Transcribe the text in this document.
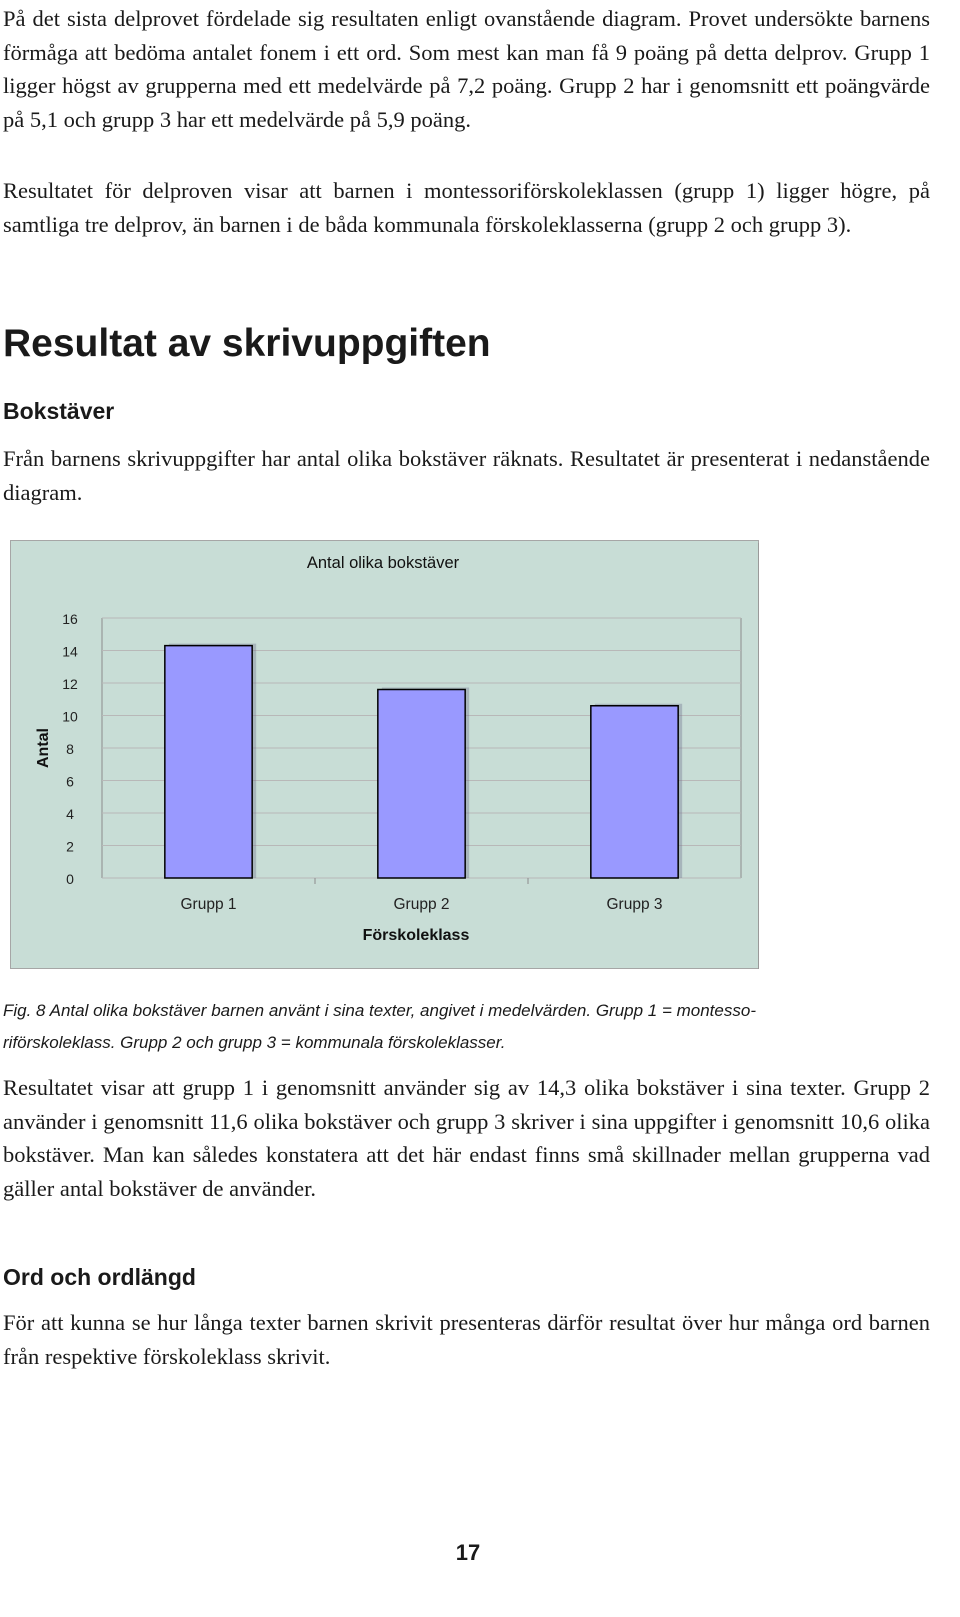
På det sista delprovet fördelade sig resultaten enligt ovanstående diagram. Provet undersökte barnens förmåga att bedöma antalet fonem i ett ord. Som mest kan man få 9 poäng på detta delprov. Grupp 1 ligger högst av grupperna med ett medelvärde på 7,2 poäng. Grupp 2 har i genomsnitt ett poängvärde på 5,1 och grupp 3 har ett medelvärde på 5,9 poäng.

Resultatet för delproven visar att barnen i montessoriförskoleklassen (grupp 1) ligger högre, på samtliga tre delprov, än barnen i de båda kommunala förskoleklasserna (grupp 2 och grupp 3).

Resultat av skrivuppgiften
Bokstäver

Från barnens skrivuppgifter har antal olika bokstäver räknats. Resultatet är presenterat i nedanstående diagram.

Antal olika bokstäver
Antal
Förskoleklass
0
2
4
6
8
10
12
14
16
Grupp 1	Grupp 2	Grupp 3

Fig. 8 Antal olika bokstäver barnen använt i sina texter, angivet i medelvärden. Grupp 1 = montesso-

riförskoleklass. Grupp 2 och grupp 3 = kommunala förskoleklasser.

Resultatet visar att grupp 1 i genomsnitt använder sig av 14,3 olika bokstäver i sina texter. Grupp 2 använder i genomsnitt 11,6 olika bokstäver och grupp 3 skriver i sina uppgifter i genomsnitt 10,6 olika bokstäver. Man kan således konstatera att det här endast finns små skillnader mellan grupperna vad gäller antal bokstäver de använder.

Ord och ordlängd

För att kunna se hur långa texter barnen skrivit presenteras därför resultat över hur många ord barnen från respektive förskoleklass skrivit.

17
